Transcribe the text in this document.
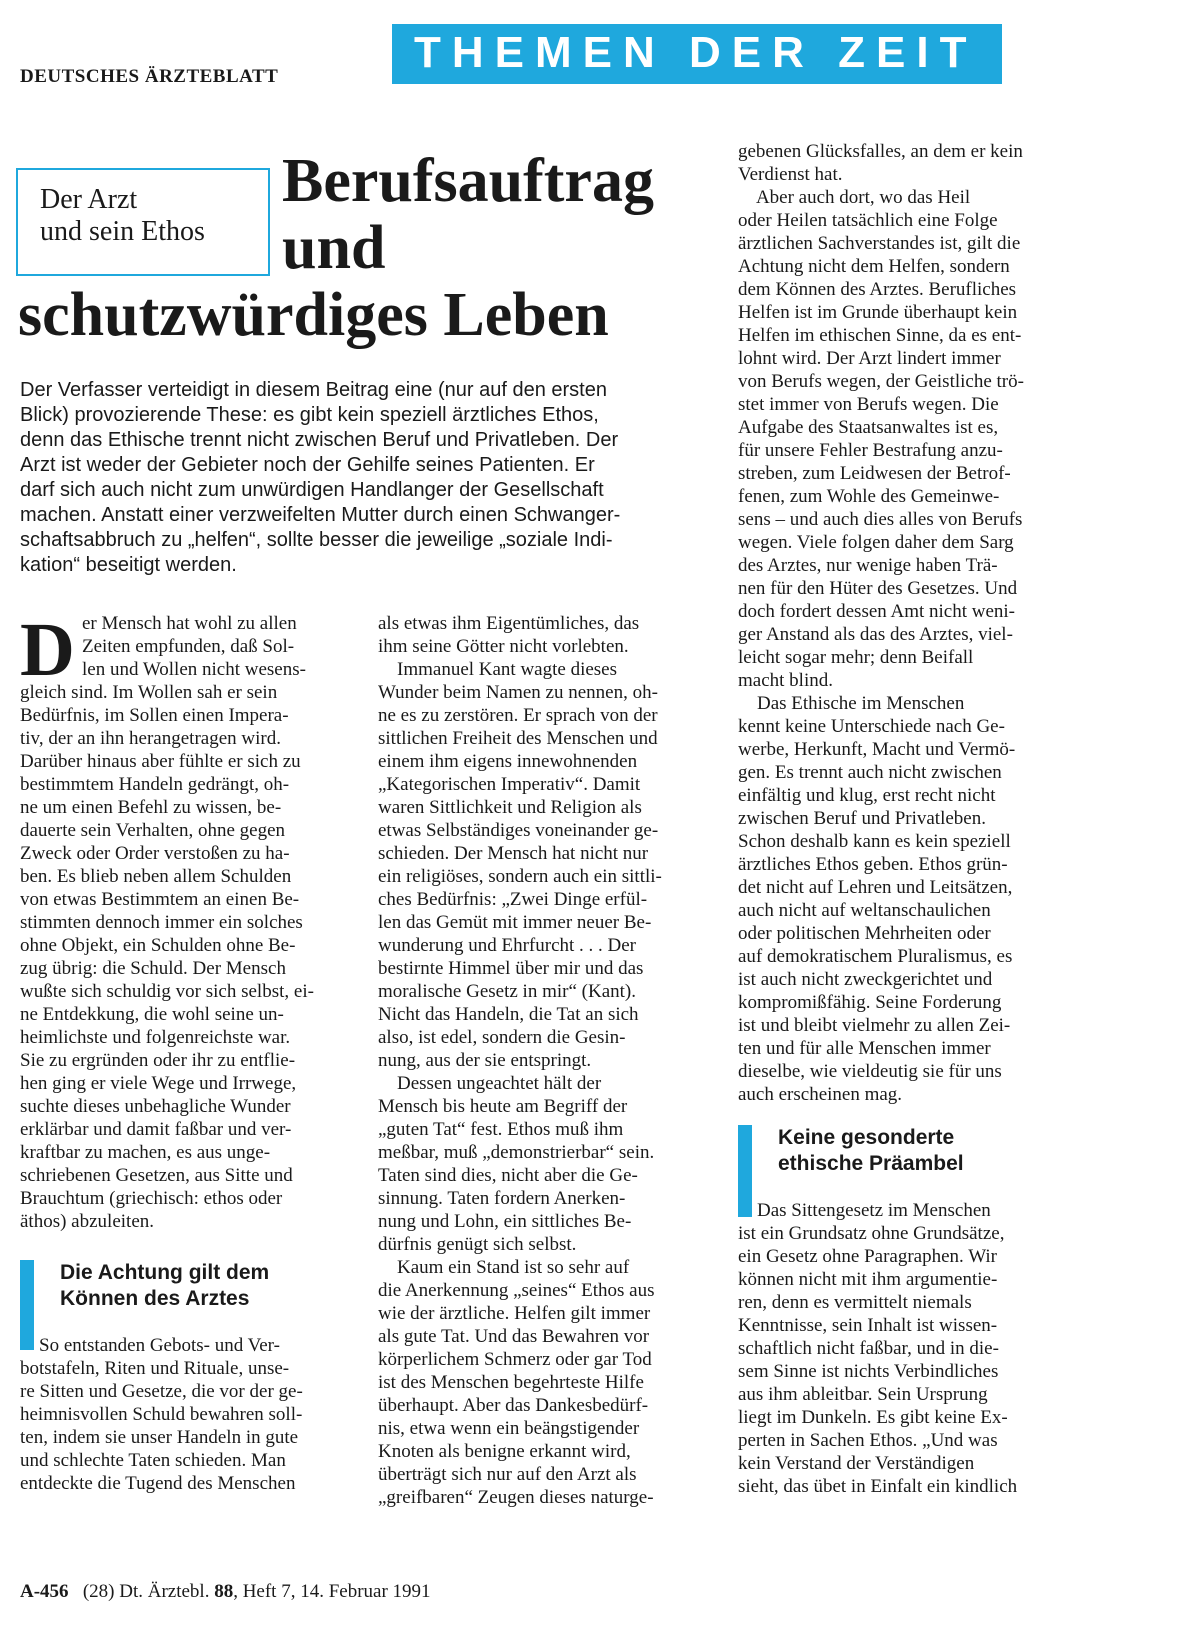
DEUTSCHES ÄRZTEBLATT	THEMEN DER ZEIT
Der Arzt
und sein Ethos
Berufsauftrag
und
schutzwürdiges Leben
Der Verfasser verteidigt in diesem Beitrag eine (nur auf den ersten
Blick) provozierende These: es gibt kein speziell ärztliches Ethos,
denn das Ethische trennt nicht zwischen Beruf und Privatleben. Der
Arzt ist weder der Gebieter noch der Gehilfe seines Patienten. Er
darf sich auch nicht zum unwürdigen Handlanger der Gesellschaft
machen. Anstatt einer verzweifelten Mutter durch einen Schwanger-
schaftsabbruch zu „helfen“, sollte besser die jeweilige „soziale Indi-
kation“ beseitigt werden.
D er Mensch hat wohl zu allen
Zeiten empfunden, daß Sol-
len und Wollen nicht wesens-
gleich sind. Im Wollen sah er sein
Bedürfnis, im Sollen einen Impera-
tiv, der an ihn herangetragen wird.
Darüber hinaus aber fühlte er sich zu
bestimmtem Handeln gedrängt, oh-
ne um einen Befehl zu wissen, be-
dauerte sein Verhalten, ohne gegen
Zweck oder Order verstoßen zu ha-
ben. Es blieb neben allem Schulden
von etwas Bestimmtem an einen Be-
stimmten dennoch immer ein solches
ohne Objekt, ein Schulden ohne Be-
zug übrig: die Schuld. Der Mensch
wußte sich schuldig vor sich selbst, ei-
ne Entdekkung, die wohl seine un-
heimlichste und folgenreichste war.
Sie zu ergründen oder ihr zu entflie-
hen ging er viele Wege und Irrwege,
suchte dieses unbehagliche Wunder
erklärbar und damit faßbar und ver-
kraftbar zu machen, es aus unge-
schriebenen Gesetzen, aus Sitte und
Brauchtum (griechisch: ethos oder
äthos) abzuleiten.
Die Achtung gilt dem
Können des Arztes
So entstanden Gebots- und Ver-
botstafeln, Riten und Rituale, unse-
re Sitten und Gesetze, die vor der ge-
heimnisvollen Schuld bewahren soll-
ten, indem sie unser Handeln in gute
und schlechte Taten schieden. Man
entdeckte die Tugend des Menschen
als etwas ihm Eigentümliches, das
ihm seine Götter nicht vorlebten.
Immanuel Kant wagte dieses
Wunder beim Namen zu nennen, oh-
ne es zu zerstören. Er sprach von der
sittlichen Freiheit des Menschen und
einem ihm eigens innewohnenden
„Kategorischen Imperativ“. Damit
waren Sittlichkeit und Religion als
etwas Selbständiges voneinander ge-
schieden. Der Mensch hat nicht nur
ein religiöses, sondern auch ein sittli-
ches Bedürfnis: „Zwei Dinge erfül-
len das Gemüt mit immer neuer Be-
wunderung und Ehrfurcht . . . Der
bestirnte Himmel über mir und das
moralische Gesetz in mir“ (Kant).
Nicht das Handeln, die Tat an sich
also, ist edel, sondern die Gesin-
nung, aus der sie entspringt.
Dessen ungeachtet hält der
Mensch bis heute am Begriff der
„guten Tat“ fest. Ethos muß ihm
meßbar, muß „demonstrierbar“ sein.
Taten sind dies, nicht aber die Ge-
sinnung. Taten fordern Anerken-
nung und Lohn, ein sittliches Be-
dürfnis genügt sich selbst.
Kaum ein Stand ist so sehr auf
die Anerkennung „seines“ Ethos aus
wie der ärztliche. Helfen gilt immer
als gute Tat. Und das Bewahren vor
körperlichem Schmerz oder gar Tod
ist des Menschen begehrteste Hilfe
überhaupt. Aber das Dankesbedürf-
nis, etwa wenn ein beängstigender
Knoten als benigne erkannt wird,
überträgt sich nur auf den Arzt als
„greifbaren“ Zeugen dieses naturge-
gebenen Glücksfalles, an dem er kein
Verdienst hat.
Aber auch dort, wo das Heil
oder Heilen tatsächlich eine Folge
ärztlichen Sachverstandes ist, gilt die
Achtung nicht dem Helfen, sondern
dem Können des Arztes. Berufliches
Helfen ist im Grunde überhaupt kein
Helfen im ethischen Sinne, da es ent-
lohnt wird. Der Arzt lindert immer
von Berufs wegen, der Geistliche trö-
stet immer von Berufs wegen. Die
Aufgabe des Staatsanwaltes ist es,
für unsere Fehler Bestrafung anzu-
streben, zum Leidwesen der Betrof-
fenen, zum Wohle des Gemeinwe-
sens – und auch dies alles von Berufs
wegen. Viele folgen daher dem Sarg
des Arztes, nur wenige haben Trä-
nen für den Hüter des Gesetzes. Und
doch fordert dessen Amt nicht weni-
ger Anstand als das des Arztes, viel-
leicht sogar mehr; denn Beifall
macht blind.
Das Ethische im Menschen
kennt keine Unterschiede nach Ge-
werbe, Herkunft, Macht und Vermö-
gen. Es trennt auch nicht zwischen
einfältig und klug, erst recht nicht
zwischen Beruf und Privatleben.
Schon deshalb kann es kein speziell
ärztliches Ethos geben. Ethos grün-
det nicht auf Lehren und Leitsätzen,
auch nicht auf weltanschaulichen
oder politischen Mehrheiten oder
auf demokratischem Pluralismus, es
ist auch nicht zweckgerichtet und
kompromißfähig. Seine Forderung
ist und bleibt vielmehr zu allen Zei-
ten und für alle Menschen immer
dieselbe, wie vieldeutig sie für uns
auch erscheinen mag.
Keine gesonderte
ethische Präambel
Das Sittengesetz im Menschen
ist ein Grundsatz ohne Grundsätze,
ein Gesetz ohne Paragraphen. Wir
können nicht mit ihm argumentie-
ren, denn es vermittelt niemals
Kenntnisse, sein Inhalt ist wissen-
schaftlich nicht faßbar, und in die-
sem Sinne ist nichts Verbindliches
aus ihm ableitbar. Sein Ursprung
liegt im Dunkeln. Es gibt keine Ex-
perten in Sachen Ethos. „Und was
kein Verstand der Verständigen
sieht, das übet in Einfalt ein kindlich
A-456 (28) Dt. Ärztebl. 88, Heft 7, 14. Februar 1991
